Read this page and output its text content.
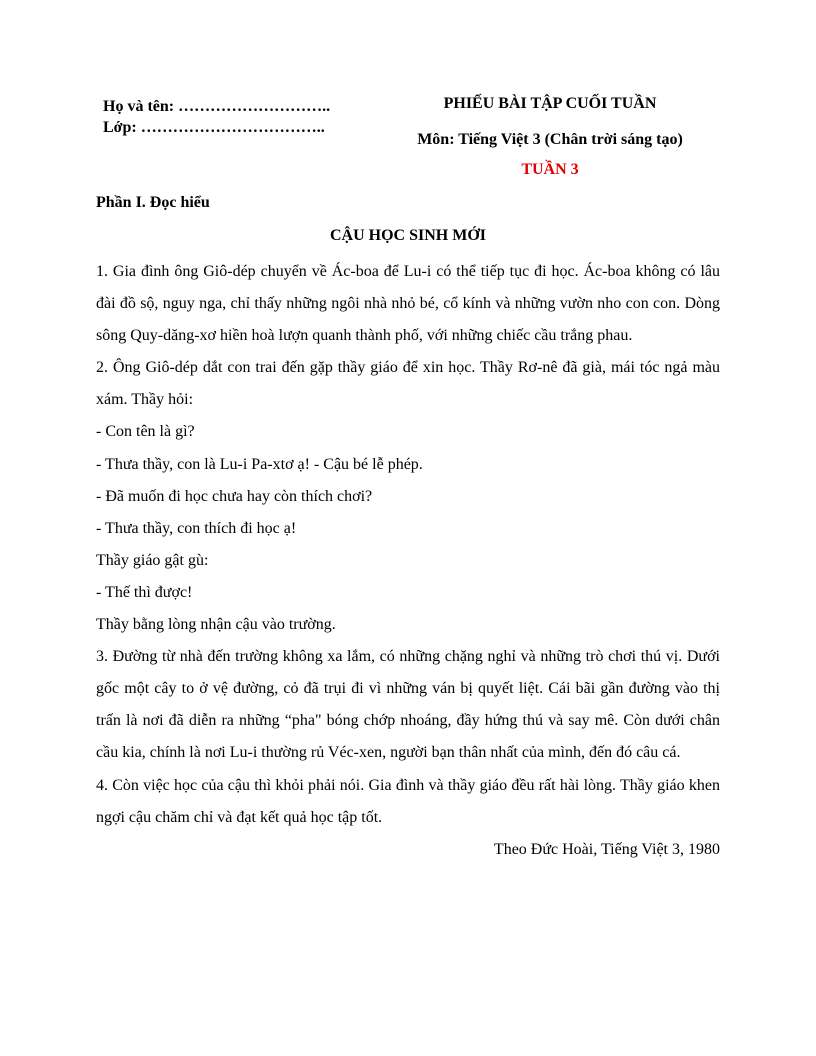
Họ và tên: ………………………..
Lớp: ……………………………..
PHIẾU BÀI TẬP CUỐI TUẦN
Môn: Tiếng Việt 3 (Chân trời sáng tạo)
TUẦN 3
Phần I. Đọc hiểu
CẬU HỌC SINH MỚI

1. Gia đình ông Giô-dép chuyển về Ác-boa để Lu-i có thể tiếp tục đi học. Ác-boa không có lâu đài đồ sộ, nguy nga, chỉ thấy những ngôi nhà nhỏ bé, cổ kính và những vườn nho con con. Dòng sông Quy-dăng-xơ hiền hoà lượn quanh thành phố, với những chiếc cầu trắng phau.

2. Ông Giô-dép dắt con trai đến gặp thầy giáo để xin học. Thầy Rơ-nê đã già, mái tóc ngả màu xám. Thầy hỏi:

- Con tên là gì?

- Thưa thầy, con là Lu-i Pa-xtơ ạ! - Cậu bé lễ phép.

- Đã muốn đi học chưa hay còn thích chơi?

- Thưa thầy, con thích đi học ạ!

Thầy giáo gật gù:

- Thế thì được!

Thầy bằng lòng nhận cậu vào trường.

3. Đường từ nhà đến trường không xa lắm, có những chặng nghỉ và những trò chơi thú vị. Dưới gốc một cây to ở vệ đường, cỏ đã trụi đi vì những ván bị quyết liệt. Cái bãi gần đường vào thị trấn là nơi đã diễn ra những “pha" bóng chớp nhoáng, đầy hứng thú và say mê. Còn dưới chân cầu kia, chính là nơi Lu-i thường rủ Véc-xen, người bạn thân nhất của mình, đến đó câu cá.

4. Còn việc học của cậu thì khỏi phải nói. Gia đình và thầy giáo đều rất hài lòng. Thầy giáo khen ngợi cậu chăm chỉ và đạt kết quả học tập tốt.

Theo Đức Hoài, Tiếng Việt 3, 1980
